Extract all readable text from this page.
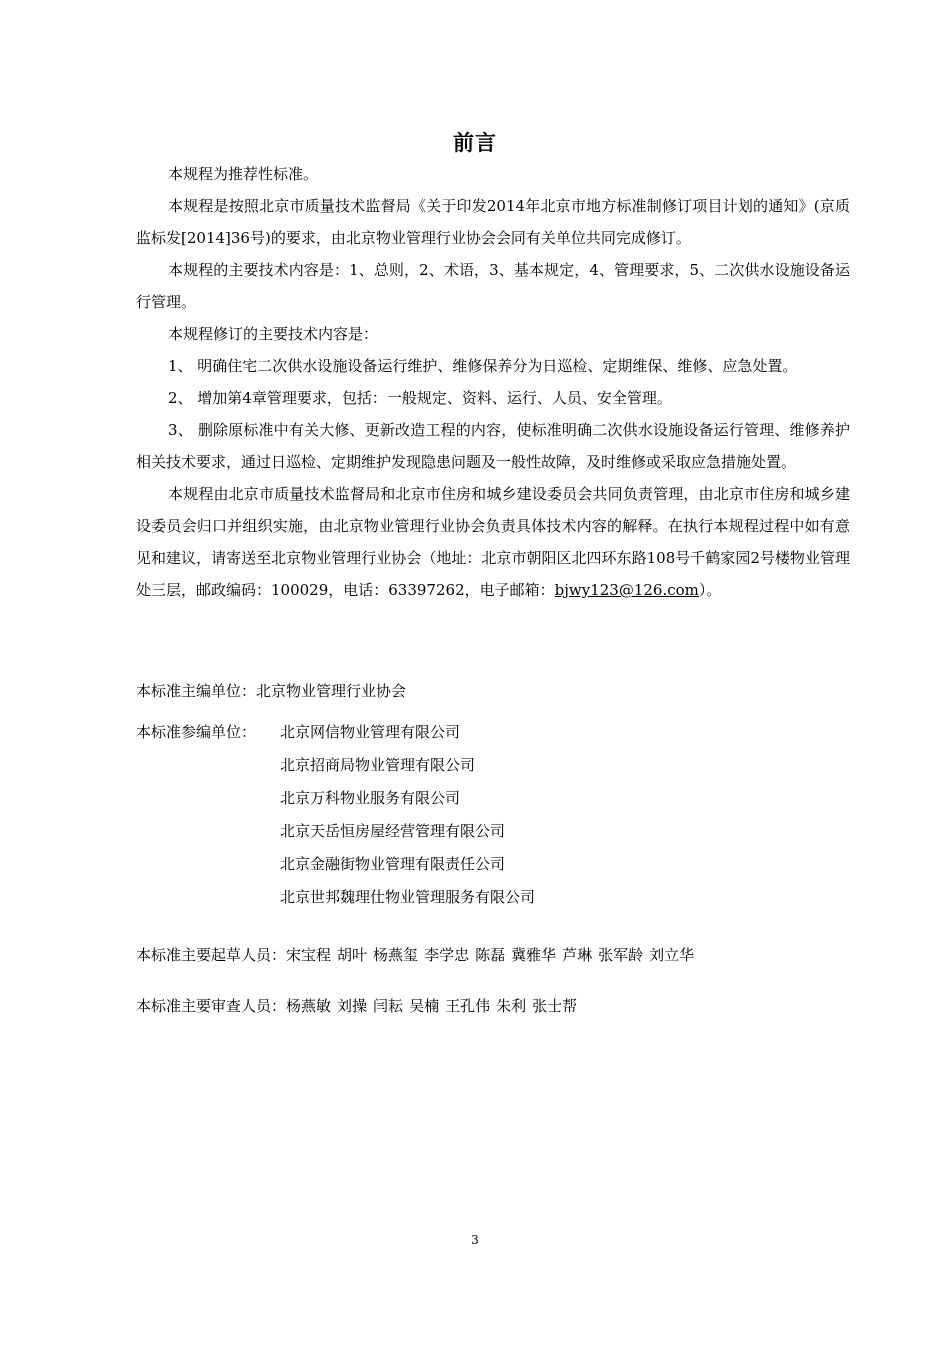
前言

本规程为推荐性标准。

本规程是按照北京市质量技术监督局《关于印发2014年北京市地方标准制修订项目计划的通知》(京质监标发[2014]36号)的要求，由北京物业管理行业协会会同有关单位共同完成修订。

本规程的主要技术内容是：1、总则，2、术语，3、基本规定，4、管理要求，5、二次供水设施设备运行管理。

本规程修订的主要技术内容是：

1、 明确住宅二次供水设施设备运行维护、维修保养分为日巡检、定期维保、维修、应急处置。

2、 增加第4章管理要求，包括：一般规定、资料、运行、人员、安全管理。

3、 删除原标准中有关大修、更新改造工程的内容，使标准明确二次供水设施设备运行管理、维修养护相关技术要求，通过日巡检、定期维护发现隐患问题及一般性故障，及时维修或采取应急措施处置。

本规程由北京市质量技术监督局和北京市住房和城乡建设委员会共同负责管理，由北京市住房和城乡建设委员会归口并组织实施，由北京物业管理行业协会负责具体技术内容的解释。在执行本规程过程中如有意见和建议，请寄送至北京物业管理行业协会（地址：北京市朝阳区北四环东路108号千鹤家园2号楼物业管理处三层，邮政编码：100029，电话：63397262，电子邮箱：bjwy123@126.com）。

本标准主编单位：北京物业管理行业协会

本标准参编单位：	北京网信物业管理有限公司
北京招商局物业管理有限公司
北京万科物业服务有限公司
北京天岳恒房屋经营管理有限公司
北京金融街物业管理有限责任公司
北京世邦魏理仕物业管理服务有限公司
本标准主要起草人员：宋宝程 胡叶 杨燕玺 李学忠 陈磊 冀雅华 芦琳 张军龄 刘立华
本标准主要审查人员：杨燕敏 刘操 闫耘 吴楠 王孔伟 朱利 张士帮
3
